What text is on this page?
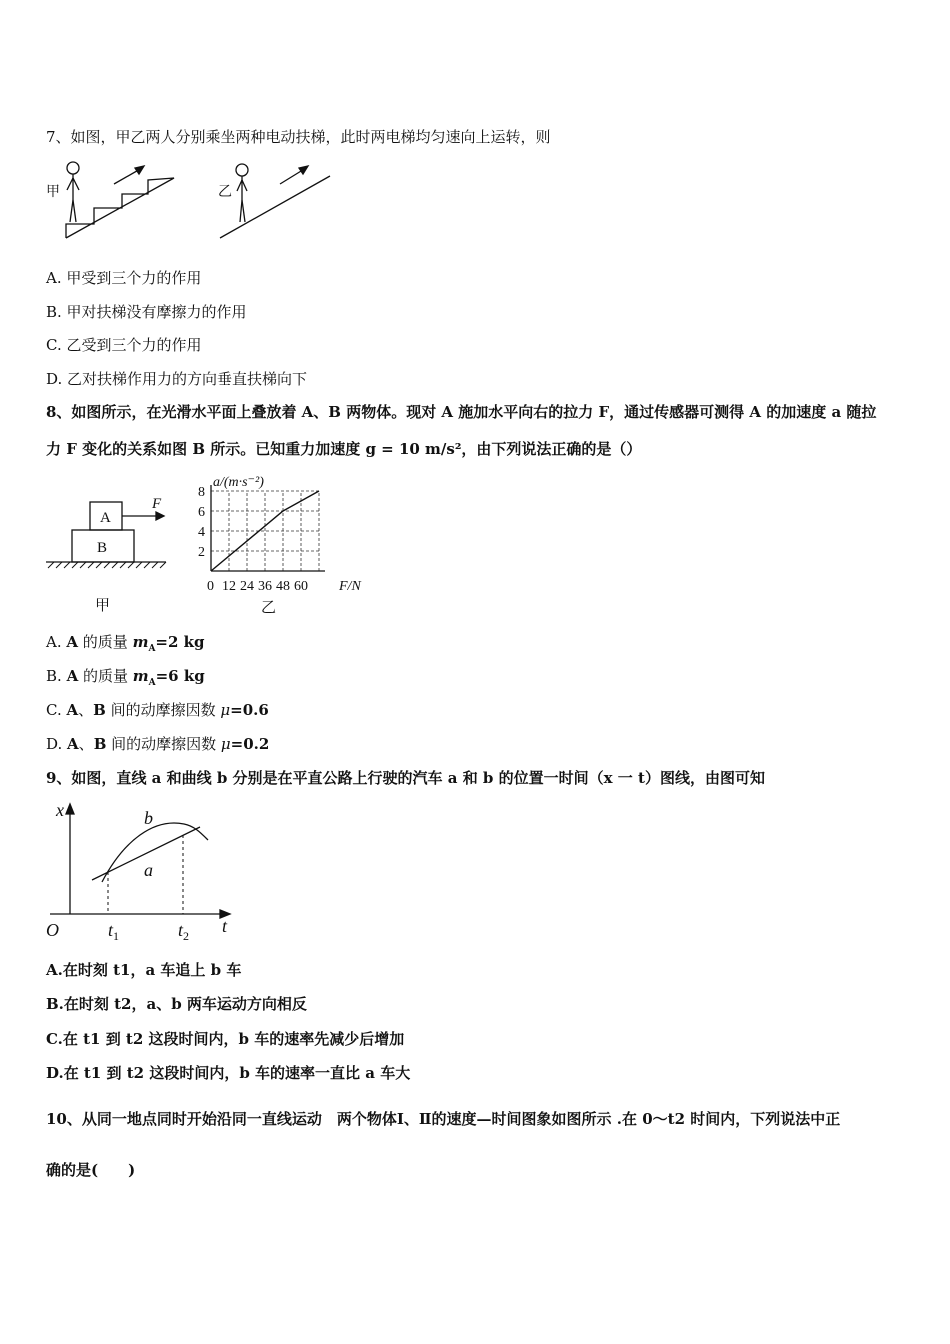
7、如图，甲乙两人分别乘坐两种电动扶梯，此时两电梯均匀速向上运转，则
甲	乙
A. 甲受到三个力的作用
B. 甲对扶梯没有摩擦力的作用
C. 乙受到三个力的作用
D. 乙对扶梯作用力的方向垂直扶梯向下
8、如图所示，在光滑水平面上叠放着 A、B 两物体。现对 A 施加水平向右的拉力 F，通过传感器可测得 A 的加速度 a 随拉
力 F 变化的关系如图 B 所示。已知重力加速度 g = 10 m/s²，由下列说法正确的是（）
A
B
F
甲
0 12 24 36 48 60
2
4
6
8
a/(m·s⁻²)
F/N
乙
A. A 的质量 $m_A=2$ kg
B. A 的质量 $m_A=6$ kg
C. A、B 间的动摩擦因数 μ=0.6
D. A、B 间的动摩擦因数 μ=0.2
9、如图，直线 a 和曲线 b 分别是在平直公路上行驶的汽车 a 和 b 的位置一时间（x 一 t）图线，由图可知
x
t
O
b
a
$t_1$	$t_2$
A.在时刻 t1，a 车追上 b 车
B.在时刻 t2，a、b 两车运动方向相反
C.在 t1 到 t2 这段时间内，b 车的速率先减少后增加
D.在 t1 到 t2 这段时间内，b 车的速率一直比 a 车大
10、从同一地点同时开始沿同一直线运动　两个物体Ⅰ、Ⅱ的速度—时间图象如图所示 .在 0～t2 时间内，下列说法中正
确的是(　　)
